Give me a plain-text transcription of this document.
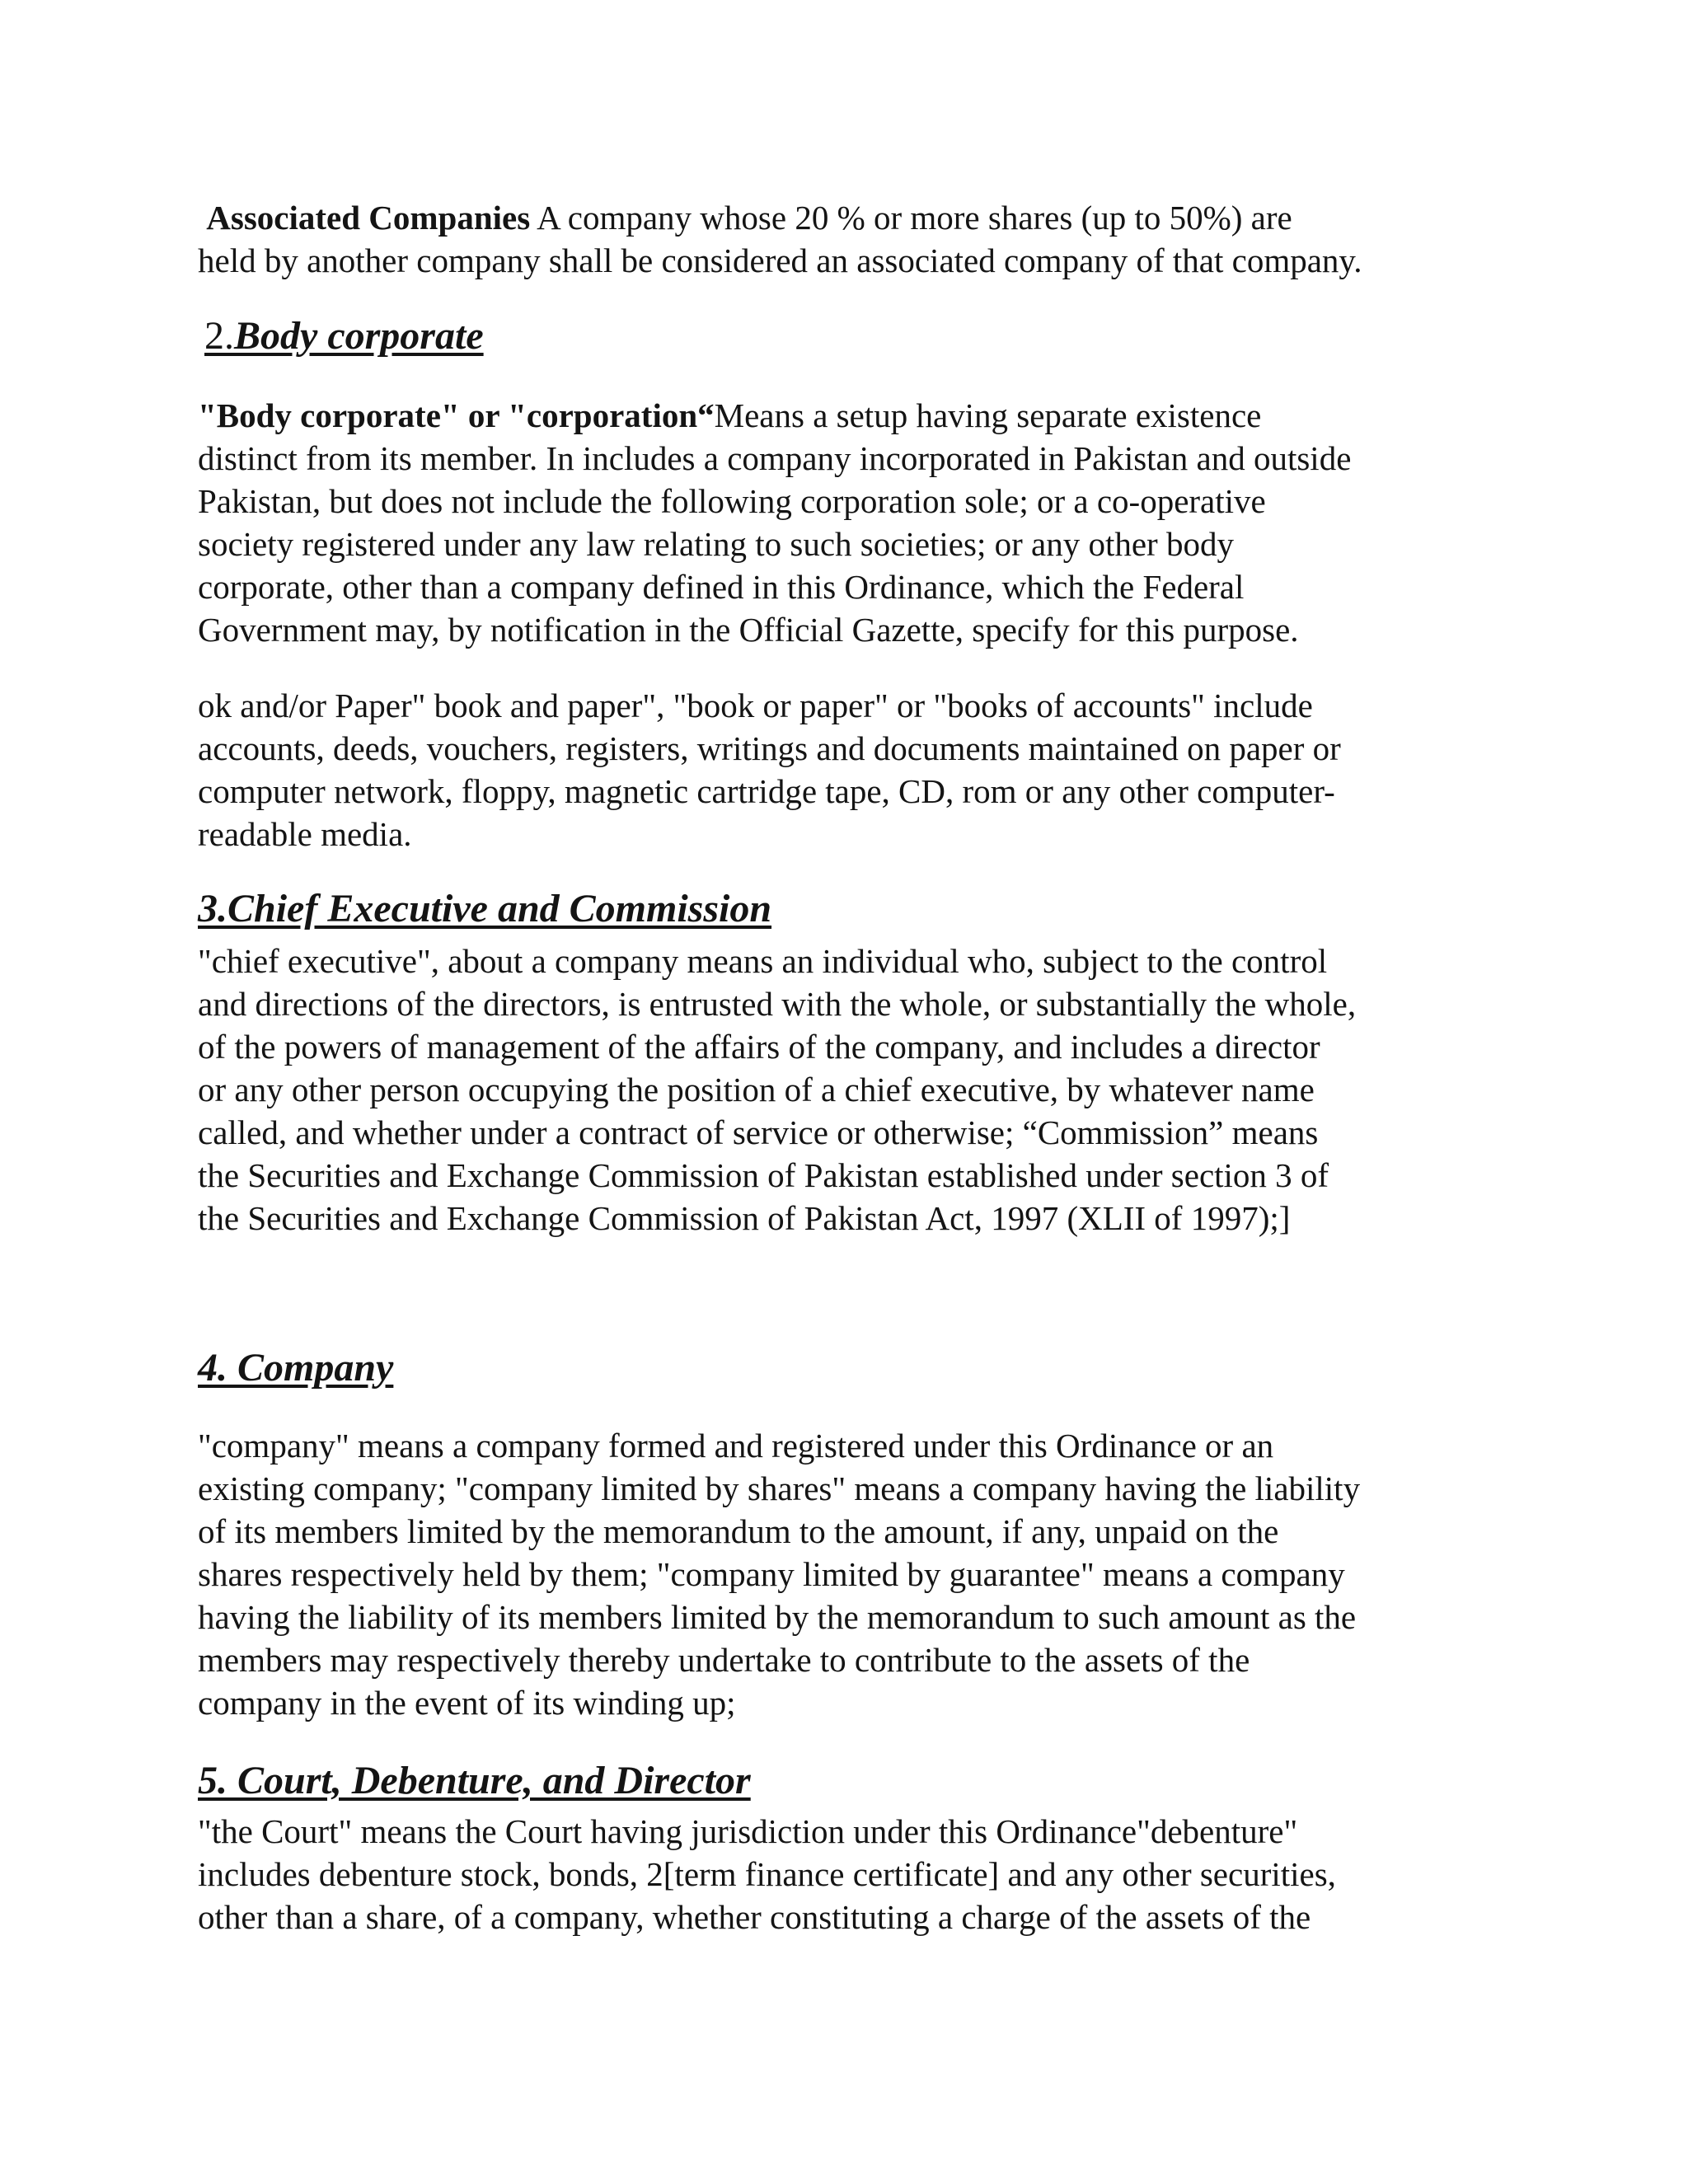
Associated Companies A company whose 20 % or more shares (up to 50%) are
held by another company shall be considered an associated company of that company.
2.Body corporate
"Body corporate" or "corporation“Means a setup having separate existence
distinct from its member. In includes a company incorporated in Pakistan and outside
Pakistan, but does not include the following corporation sole; or a co-operative
society registered under any law relating to such societies; or any other body
corporate, other than a company defined in this Ordinance, which the Federal
Government may, by notification in the Official Gazette, specify for this purpose.
ok and/or Paper" book and paper", "book or paper" or "books of accounts" include
accounts, deeds, vouchers, registers, writings and documents maintained on paper or
computer network, floppy, magnetic cartridge tape, CD, rom or any other computer-
readable media.
3.Chief Executive and Commission
"chief executive", about a company means an individual who, subject to the control
and directions of the directors, is entrusted with the whole, or substantially the whole,
of the powers of management of the affairs of the company, and includes a director
or any other person occupying the position of a chief executive, by whatever name
called, and whether under a contract of service or otherwise; “Commission” means
the Securities and Exchange Commission of Pakistan established under section 3 of
the Securities and Exchange Commission of Pakistan Act, 1997 (XLII of 1997);]
4. Company
"company" means a company formed and registered under this Ordinance or an
existing company; "company limited by shares" means a company having the liability
of its members limited by the memorandum to the amount, if any, unpaid on the
shares respectively held by them; "company limited by guarantee" means a company
having the liability of its members limited by the memorandum to such amount as the
members may respectively thereby undertake to contribute to the assets of the
company in the event of its winding up;
5. Court, Debenture, and Director
"the Court" means the Court having jurisdiction under this Ordinance"debenture"
includes debenture stock, bonds, 2[term finance certificate] and any other securities,
other than a share, of a company, whether constituting a charge of the assets of the
